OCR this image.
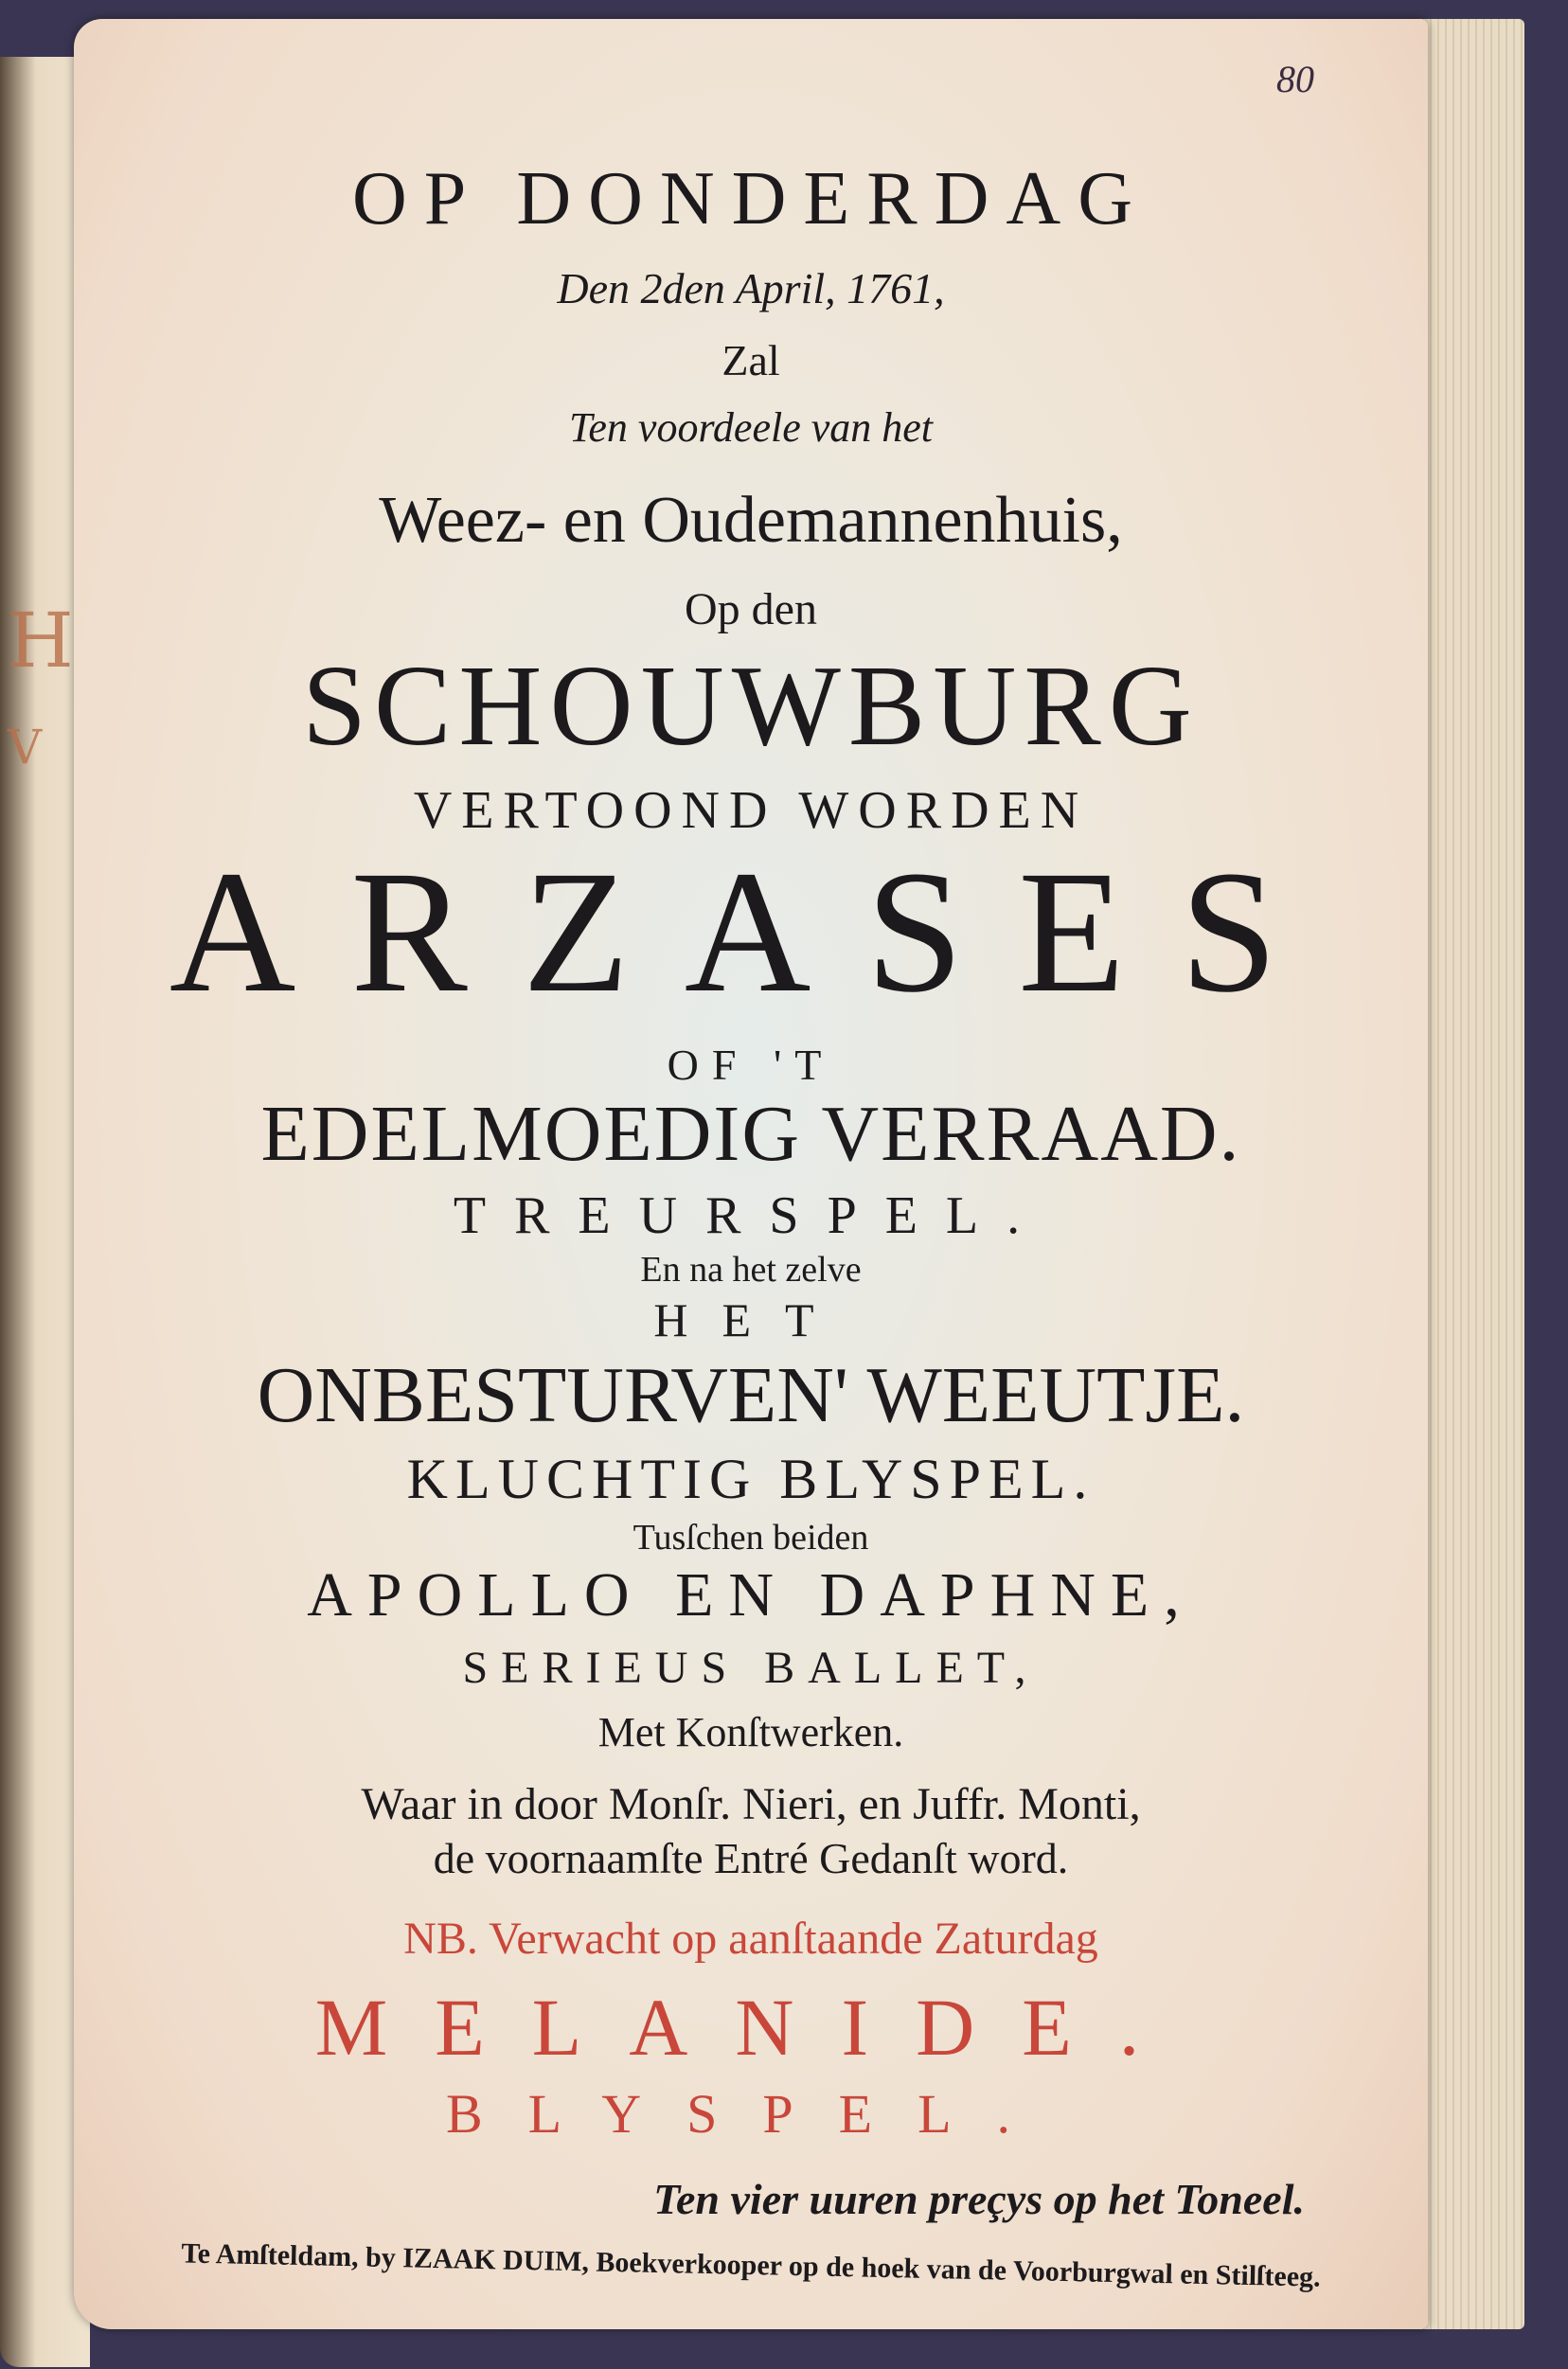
H
V
80
OP DONDERDAG
Den 2den April, 1761,
Zal
Ten voordeele van het
Weez- en Oudemannenhuis,
Op den
SCHOUWBURG
VERTOOND WORDEN
ARZASES
OF 'T
EDELMOEDIG VERRAAD.
TREURSPEL.
En na het zelve
HET
ONBESTURVEN' WEEUTJE.
KLUCHTIG BLYSPEL.
Tusſchen beiden
APOLLO EN DAPHNE,
SERIEUS BALLET,
Met Konſtwerken.
Waar in door Monſr. Nieri, en Juffr. Monti,
de voornaamſte Entré Gedanſt word.
NB. Verwacht op aanſtaande Zaturdag
MELANIDE.
BLYSPEL.
Ten vier uuren preçys op het Toneel.
Te Amſteldam, by IZAAK DUIM, Boekverkooper op de hoek van de Voorburgwal en Stilſteeg.
